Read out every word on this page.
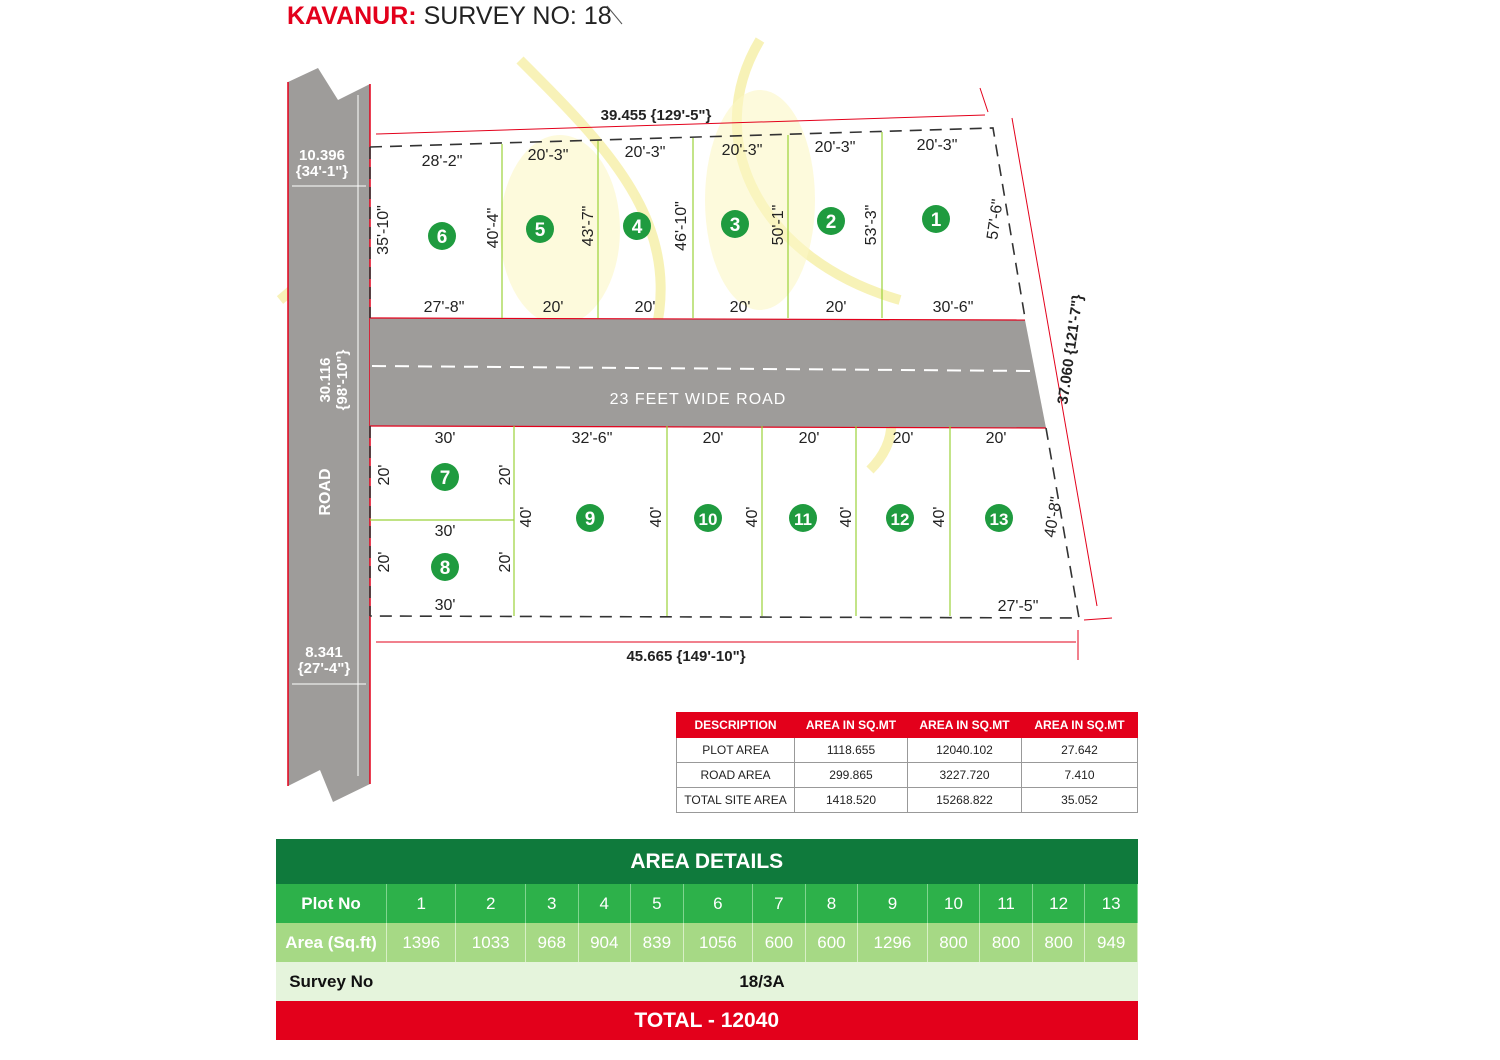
KAVANUR: SURVEY NO: 18
39.455 {129'-5"}
45.665 {149'-10"}
37.060 {121'-7"}
10.396
{34'-1"}
30.116 {98'-10"}
8.341
{27'-4"}
ROAD
23 FEET WIDE ROAD
28'-2"	20'-3"	20'-3"	20'-3"	20'-3"	20'-3"
35'-10"	40'-4"	43'-7"	46'-10"	50'-1"	53'-3"	57'-6"
27'-8"	20'	20'	20'	20'	30'-6"
30'	32'-6"	20'	20'	20'	20'
20'	20'
30'
20'	20'
30'
40'	40'	40'	40'	40'	40'-8"
27'-5"
1
2
3
4
5
6
7
8
9	10	11	12	13
DESCRIPTION	AREA IN SQ.MT	AREA IN SQ.MT	AREA IN SQ.MT
PLOT AREA	1118.655	12040.102	27.642
ROAD AREA	299.865	3227.720	7.410
TOTAL SITE AREA	1418.520	15268.822	35.052
AREA DETAILS													
Plot No	1	2	3	4	5	6	7	8	9	10	11	12	13
Area (Sq.ft)	1396	1033	968	904	839	1056	600	600	1296	800	800	800	949
Survey No	18/3A												
TOTAL - 12040													
